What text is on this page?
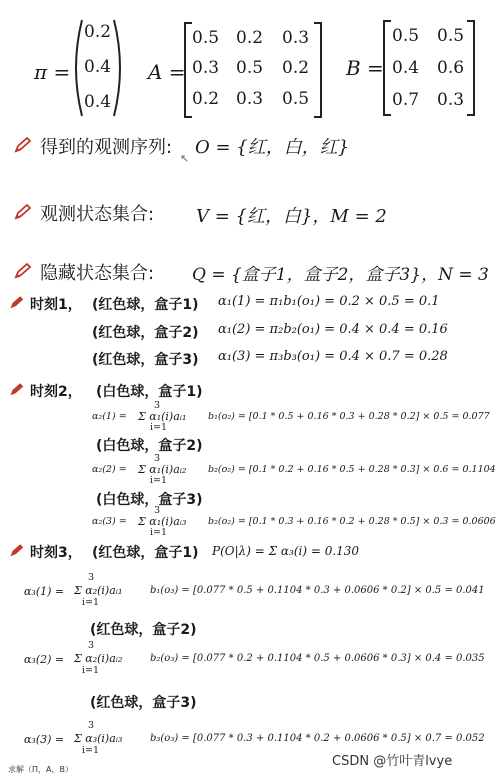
π =
0.2
0.4
0.4
A =
0.5 0.2 0.3
0.3 0.5 0.2
0.2 0.3 0.5
B =
0.5 0.5
0.4 0.6
0.7 0.3
得到的观测序列: O = {红，白，红}
↖
观测状态集合: V = {红，白}，M = 2
隐藏状态集合: Q = {盒子1，盒子2，盒子3}，N = 3
时刻1， (红色球，盒子1) α₁(1) = π₁b₁(o₁) = 0.2 × 0.5 = 0.1
(红色球，盒子2) α₁(2) = π₂b₂(o₁) = 0.4 × 0.4 = 0.16
(红色球，盒子3) α₁(3) = π₃b₃(o₁) = 0.4 × 0.7 = 0.28
时刻2， (白色球，盒子1)
α₂(1) =
3
Σ α₁(i)aᵢ₁
i=1
b₁(o₂) = [0.1 * 0.5 + 0.16 * 0.3 + 0.28 * 0.2] × 0.5 = 0.077
(白色球，盒子2)
α₂(2) =
3
Σ α₁(i)aᵢ₂
i=1
b₂(o₂) = [0.1 * 0.2 + 0.16 * 0.5 + 0.28 * 0.3] × 0.6 = 0.1104
(白色球，盒子3)
α₂(3) =
3
Σ α₁(i)aᵢ₃
i=1
b₂(o₂) = [0.1 * 0.3 + 0.16 * 0.2 + 0.28 * 0.5] × 0.3 = 0.0606
时刻3， (红色球，盒子1) P(O|λ) = Σ α₃(i) = 0.130
α₃(1) =
3
Σ α₂(i)aᵢ₁
i=1
b₁(o₃) = [0.077 * 0.5 + 0.1104 * 0.3 + 0.0606 * 0.2] × 0.5 = 0.041
(红色球，盒子2)
α₃(2) =
3
Σ α₂(i)aᵢ₂
i=1
b₂(o₃) = [0.077 * 0.2 + 0.1104 * 0.5 + 0.0606 * 0.3] × 0.4 = 0.035
(红色球，盒子3)
α₃(3) =
3
Σ α₃(i)aᵢ₃
i=1
b₃(o₃) = [0.077 * 0.3 + 0.1104 * 0.2 + 0.0606 * 0.5] × 0.7 = 0.052
求解（Π，A，B）
CSDN @竹叶青lvye
